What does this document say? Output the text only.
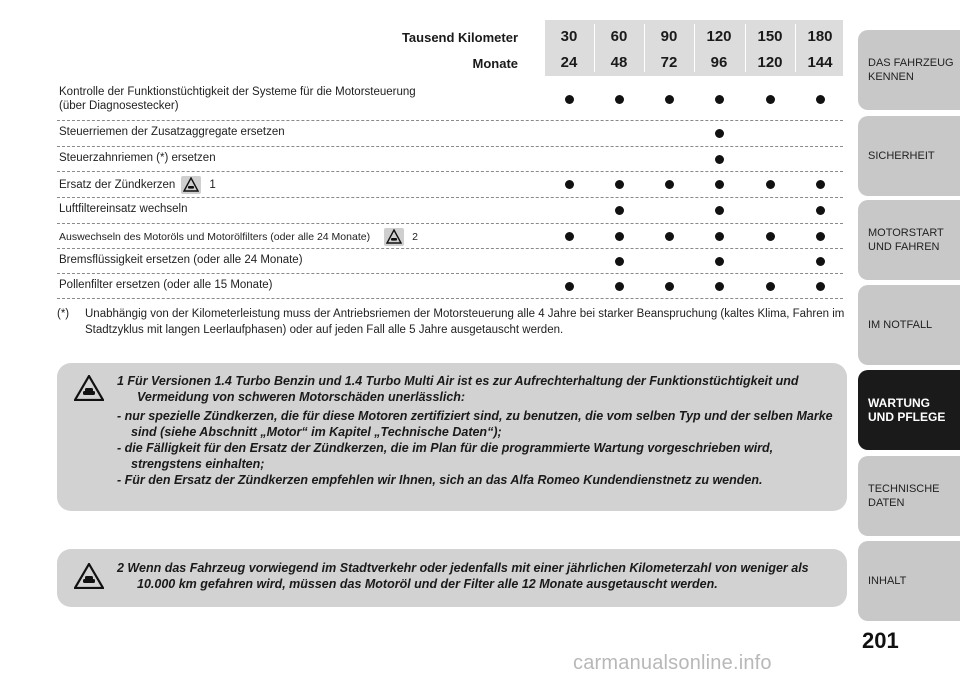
Tausend Kilometer
Monate
30
24
60
48
90
72
120
96
150
120
180
144
Kontrolle der Funktionstüchtigkeit der Systeme für die Motorsteuerung
(über Diagnosestecker)
Steuerriemen der Zusatzaggregate ersetzen
Steuerzahnriemen (*) ersetzen
Ersatz der Zündkerzen	1
Luftfiltereinsatz wechseln
Auswechseln des Motoröls und Motorölfilters (oder alle 24 Monate)	2
Bremsflüssigkeit ersetzen (oder alle 24 Monate)
Pollenfilter ersetzen (oder alle 15 Monate)
(*) Unabhängig von der Kilometerleistung muss der Antriebsriemen der Motorsteuerung alle 4 Jahre bei starker Beanspruchung (kaltes Klima, Fahren im Stadtzyklus mit langen Leerlaufphasen) oder auf jeden Fall alle 5 Jahre ausgetauscht werden.

1 Für Versionen 1.4 Turbo Benzin und 1.4 Turbo Multi Air ist es zur Aufrechterhaltung der Funktionstüchtigkeit und Vermeidung von schweren Motorschäden unerlässlich:

- nur spezielle Zündkerzen, die für diese Motoren zertifiziert sind, zu benutzen, die vom selben Typ und der selben Marke sind (siehe Abschnitt „Motor“ im Kapitel „Technische Daten“);

- die Fälligkeit für den Ersatz der Zündkerzen, die im Plan für die programmierte Wartung vorgeschrieben wird, strengstens einhalten;

- Für den Ersatz der Zündkerzen empfehlen wir Ihnen, sich an das Alfa Romeo Kundendienstnetz zu wenden.

2 Wenn das Fahrzeug vorwiegend im Stadtverkehr oder jedenfalls mit einer jährlichen Kilometerzahl von weniger als 10.000 km gefahren wird, müssen das Motoröl und der Filter alle 12 Monate ausgetauscht werden.

DAS FAHRZEUG
KENNEN
SICHERHEIT
MOTORSTART
UND FAHREN
IM NOTFALL
WARTUNG
UND PFLEGE
TECHNISCHE
DATEN
INHALT
201
carmanualsonline.info
